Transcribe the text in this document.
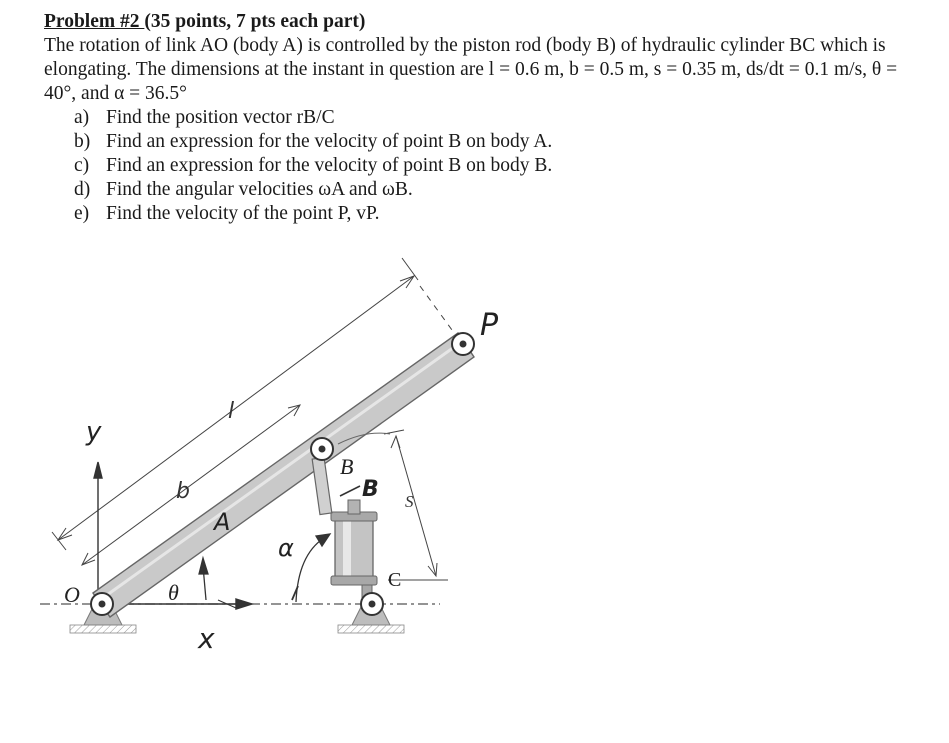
Problem #2 (35 points, 7 pts each part)

The rotation of link AO (body A) is controlled by the piston rod (body B) of hydraulic cylinder BC which is elongating. The dimensions at the instant in question are l = 0.6 m, b = 0.5 m, s = 0.35 m, ds/dt = 0.1 m/s, θ = 40°, and α = 36.5°

a) Find the position vector rB/C
b) Find an expression for the velocity of point B on body A.
c) Find an expression for the velocity of point B on body B.
d) Find the angular velocities ωA and ωB.
e) Find the velocity of the point P, vP.
P
B
B
C
A
O
S
l
b
θ
α
x
y
